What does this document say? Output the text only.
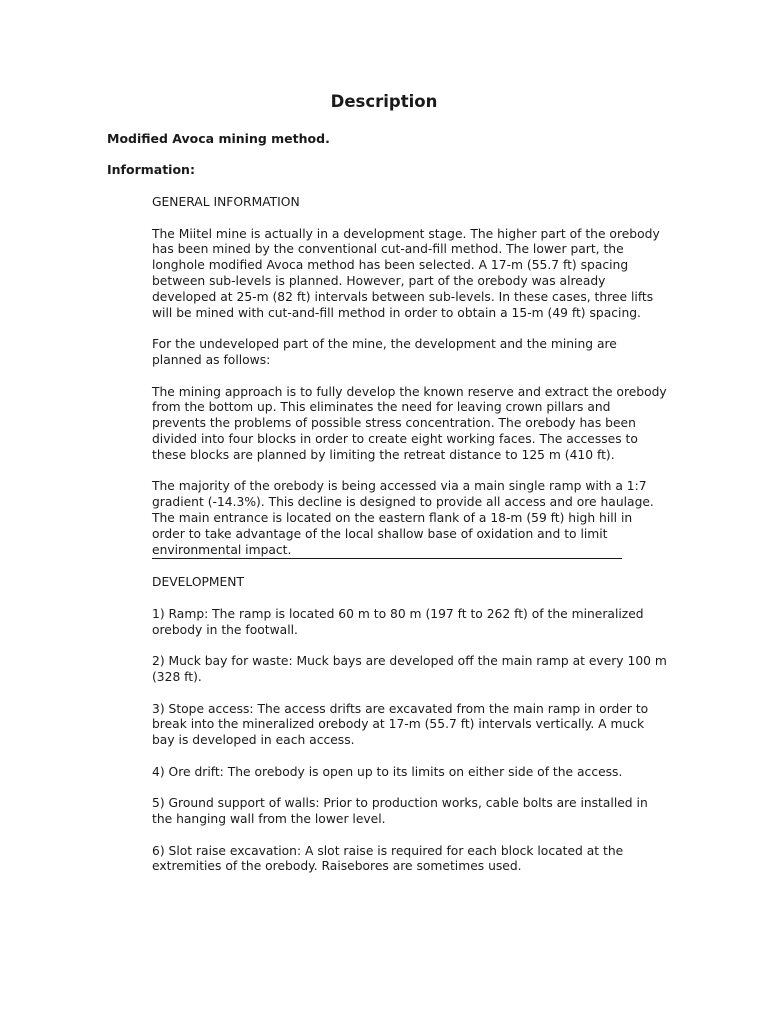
Description
Modified Avoca mining method.
Information:
GENERAL INFORMATION

The Miitel mine is actually in a development stage. The higher part of the orebody has been mined by the conventional cut-and-fill method. The lower part, the longhole modified Avoca method has been selected. A 17-m (55.7 ft) spacing between sub-levels is planned. However, part of the orebody was already developed at 25-m (82 ft) intervals between sub-levels. In these cases, three lifts will be mined with cut-and-fill method in order to obtain a 15-m (49 ft) spacing.

For the undeveloped part of the mine, the development and the mining are planned as follows:

The mining approach is to fully develop the known reserve and extract the orebody from the bottom up. This eliminates the need for leaving crown pillars and prevents the problems of possible stress concentration. The orebody has been divided into four blocks in order to create eight working faces. The accesses to these blocks are planned by limiting the retreat distance to 125 m (410 ft).

The majority of the orebody is being accessed via a main single ramp with a 1:7 gradient (-14.3%). This decline is designed to provide all access and ore haulage. The main entrance is located on the eastern flank of a 18-m (59 ft) high hill in order to take advantage of the local shallow base of oxidation and to limit environmental impact.

DEVELOPMENT

1) Ramp: The ramp is located 60 m to 80 m (197 ft to 262 ft) of the mineralized orebody in the footwall.

2) Muck bay for waste: Muck bays are developed off the main ramp at every 100 m (328 ft).

3) Stope access: The access drifts are excavated from the main ramp in order to break into the mineralized orebody at 17-m (55.7 ft) intervals vertically. A muck bay is developed in each access.

4) Ore drift: The orebody is open up to its limits on either side of the access.

5) Ground support of walls: Prior to production works, cable bolts are installed in the hanging wall from the lower level.

6) Slot raise excavation: A slot raise is required for each block located at the extremities of the orebody. Raisebores are sometimes used.
